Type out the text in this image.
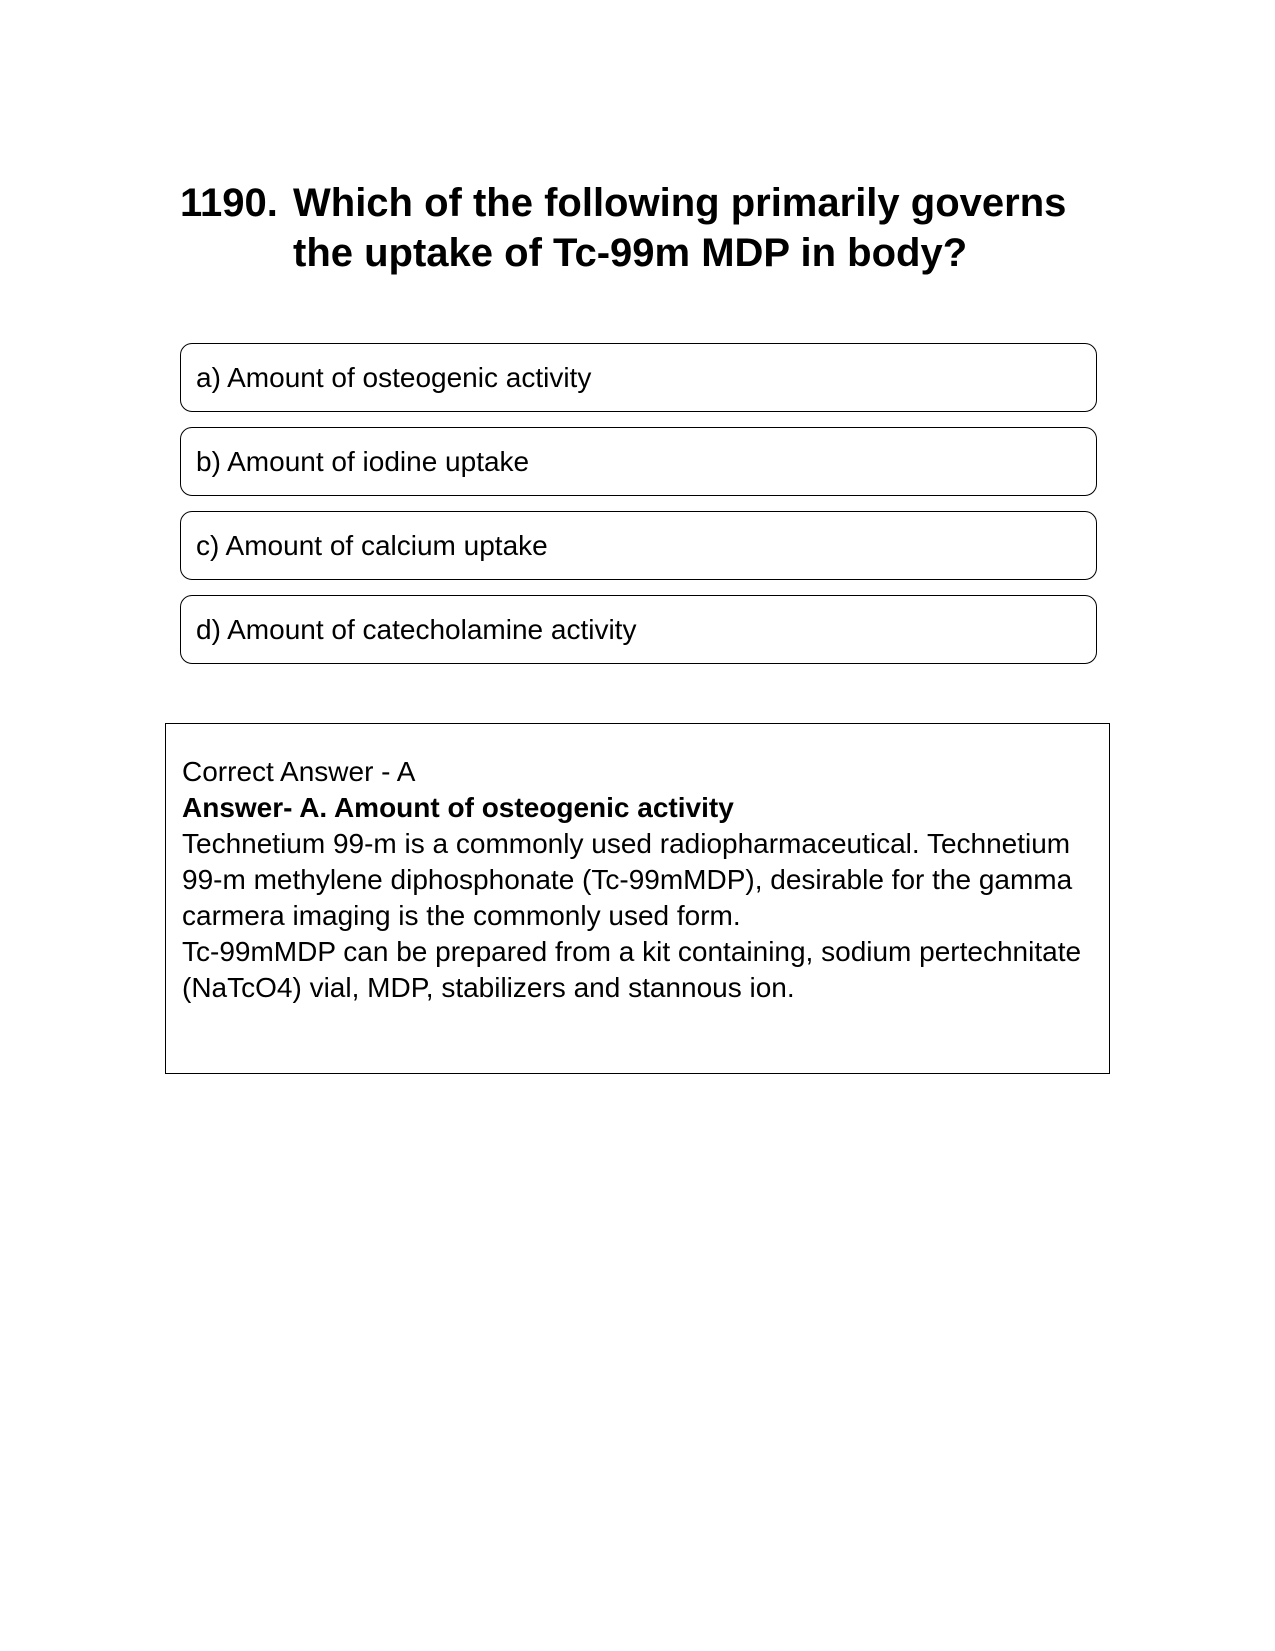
1190. Which of the following primarily governs the uptake of Tc-99m MDP in body?
a) Amount of osteogenic activity
b) Amount of iodine uptake
c) Amount of calcium uptake
d) Amount of catecholamine activity

Correct Answer - A

Answer- A. Amount of osteogenic activity

Technetium 99-m is a commonly used radiopharmaceutical. Technetium 99-m methylene diphosphonate (Tc-99mMDP), desirable for the gamma carmera imaging is the commonly used form.

Tc-99mMDP can be prepared from a kit containing, sodium pertechnitate (NaTcO4) vial, MDP, stabilizers and stannous ion.
